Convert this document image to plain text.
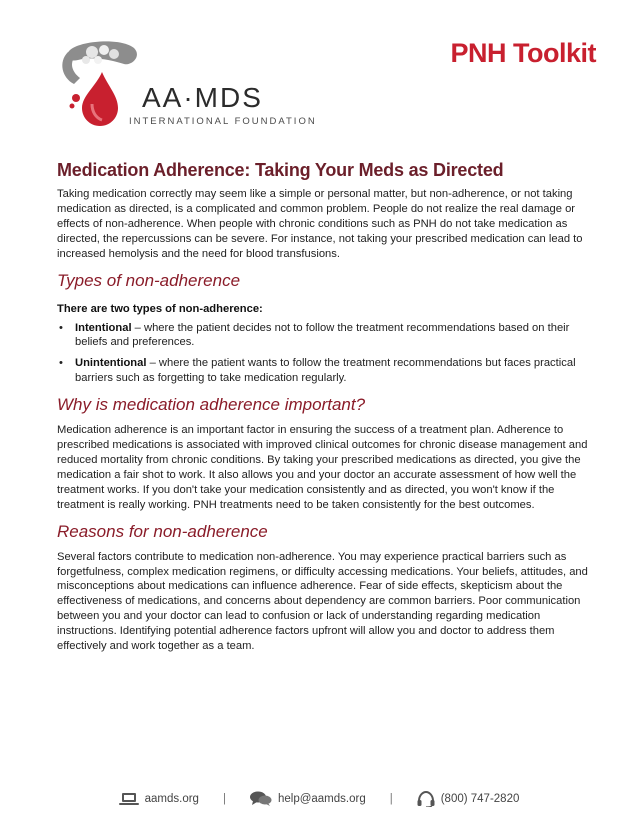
AA·MDS
INTERNATIONAL FOUNDATION
PNH Toolkit
Medication Adherence: Taking Your Meds as Directed

Taking medication correctly may seem like a simple or personal matter, but non-adherence, or not taking medication as directed, is a complicated and common problem. People do not realize the real damage or effects of non-adherence. When people with chronic conditions such as PNH do not take medication as directed, the repercussions can be severe. For instance, not taking your prescribed medication can lead to increased hemolysis and the need for blood transfusions.

Types of non-adherence
There are two types of non-adherence:
• Intentional – where the patient decides not to follow the treatment recommendations based on their beliefs and preferences.
• Unintentional – where the patient wants to follow the treatment recommendations but faces practical barriers such as forgetting to take medication regularly.
Why is medication adherence important?

Medication adherence is an important factor in ensuring the success of a treatment plan. Adherence to prescribed medications is associated with improved clinical outcomes for chronic disease management and reduced mortality from chronic conditions. By taking your prescribed medications as directed, you give the medication a fair shot to work. It also allows you and your doctor an accurate assessment of how well the treatment works. If you don't take your medication consistently and as directed, you won't know if the treatment is really working. PNH treatments need to be taken consistently for the best outcomes.

Reasons for non-adherence

Several factors contribute to medication non-adherence. You may experience practical barriers such as forgetfulness, complex medication regimens, or difficulty accessing medications. Your beliefs, attitudes, and misconceptions about medications can influence adherence. Fear of side effects, skepticism about the effectiveness of medications, and concerns about dependency are common barriers. Poor communication between you and your doctor can lead to confusion or lack of understanding regarding medication instructions. Identifying potential adherence factors upfront will allow you and doctor to address them effectively and work together as a team.

aamds.org |	help@aamds.org |	(800) 747-2820
